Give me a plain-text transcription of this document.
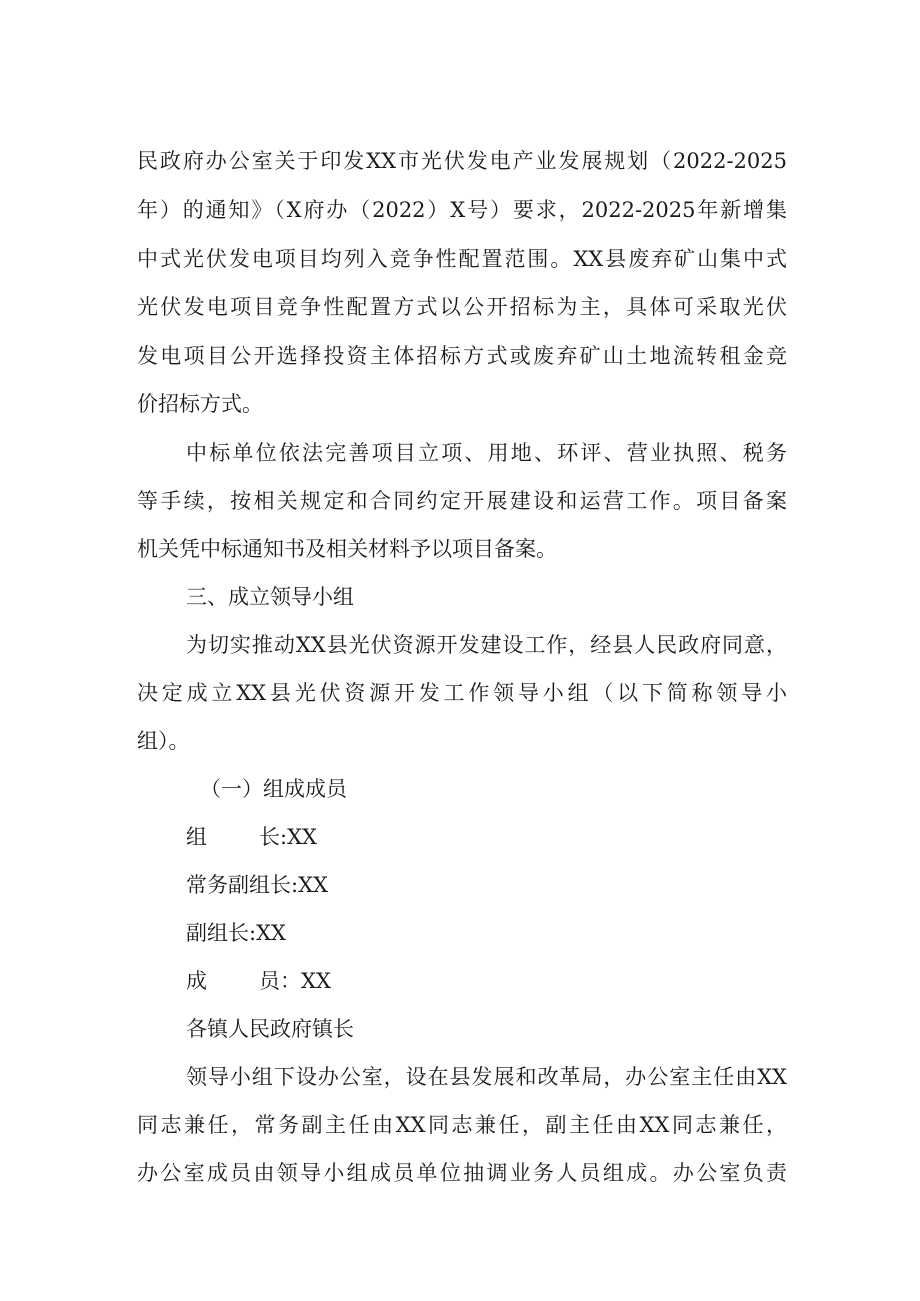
民政府办公室关于印发XX市光伏发电产业发展规划（2022-2025
年）的通知》（X府办（2022）X号）要求，2022-2025年新增集
中式光伏发电项目均列入竞争性配置范围。XX县废弃矿山集中式
光伏发电项目竞争性配置方式以公开招标为主，具体可采取光伏
发电项目公开选择投资主体招标方式或废弃矿山土地流转租金竞
价招标方式。
中标单位依法完善项目立项、用地、环评、营业执照、税务
等手续，按相关规定和合同约定开展建设和运营工作。项目备案
机关凭中标通知书及相关材料予以项目备案。
三、成立领导小组
为切实推动XX县光伏资源开发建设工作，经县人民政府同意，
决定成立XX县光伏资源开发工作领导小组（以下简称领导小
组）。
（一）组成成员
组长:XX
常务副组长:XX
副组长:XX
成员：XX
各镇人民政府镇长
领导小组下设办公室，设在县发展和改革局，办公室主任由XX
同志兼任，常务副主任由XX同志兼任，副主任由XX同志兼任，
办公室成员由领导小组成员单位抽调业务人员组成。办公室负责
